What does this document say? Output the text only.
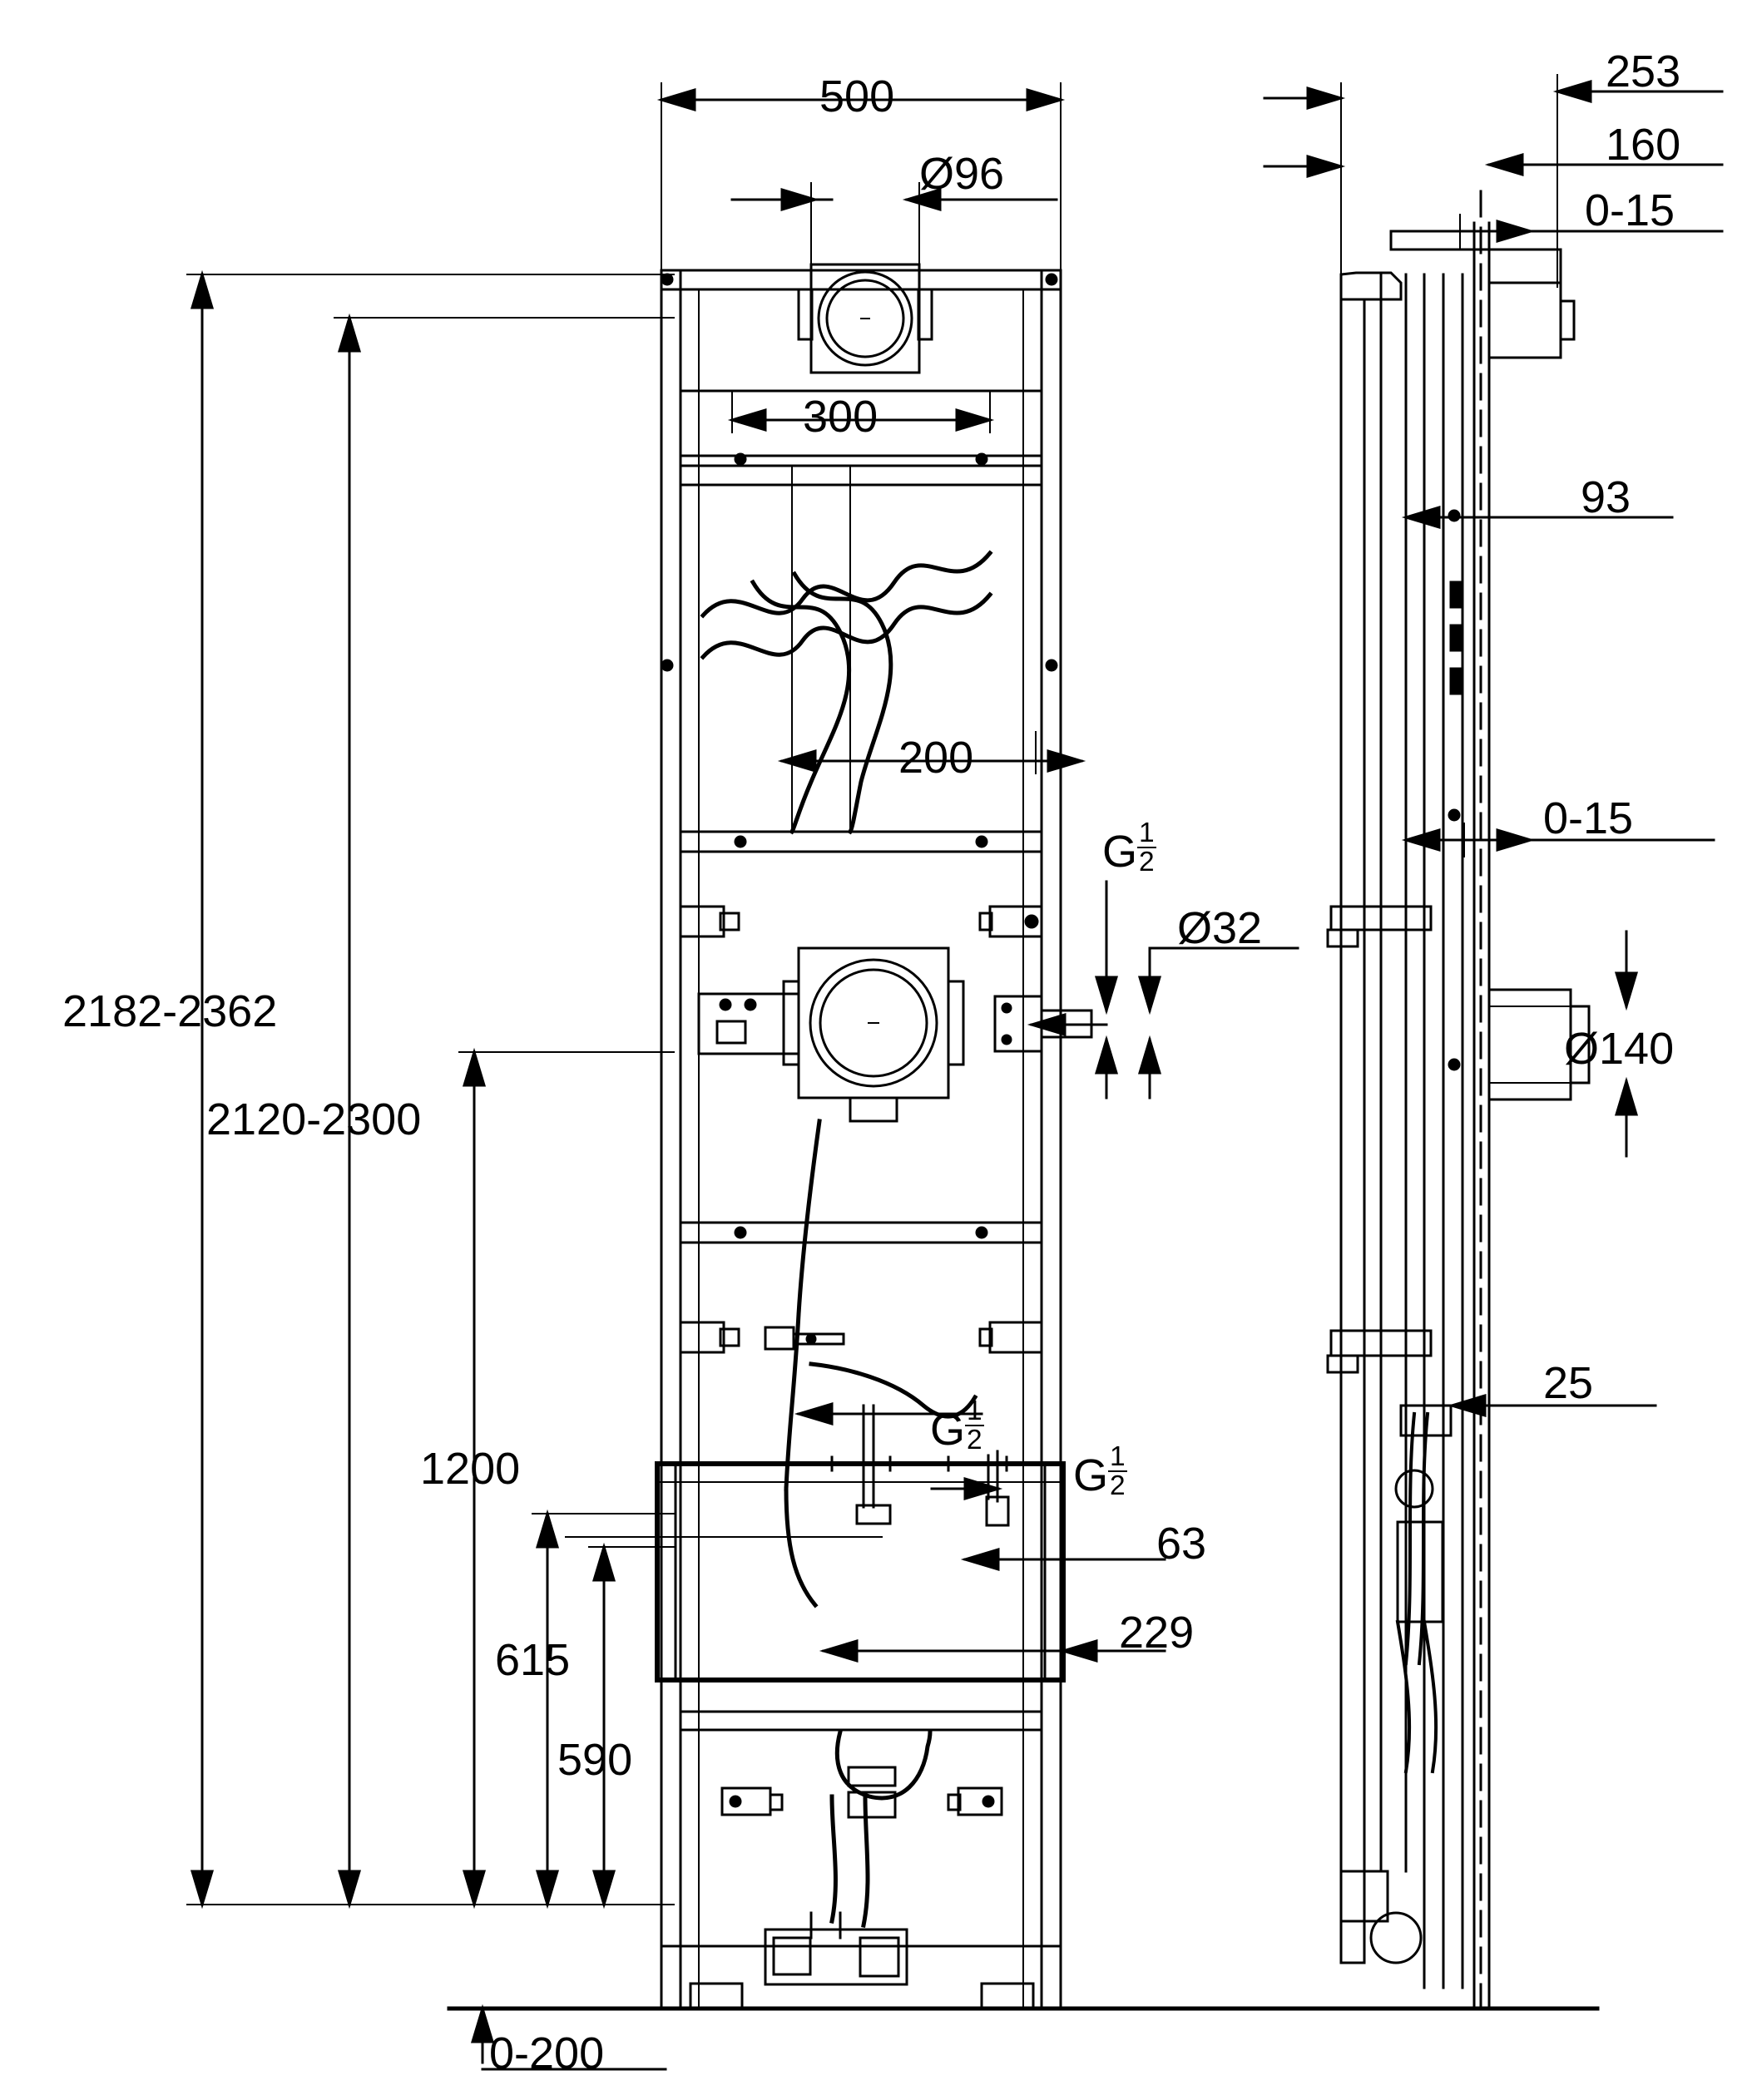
500
Ø96
300
200
2182-2362
2120-2300
1200
615
590
0-200
63
229
Ø32
G $\frac{1}{2}$
G $\frac{1}{2}$
G $\frac{1}{2}$
253
160
0-15
93
0-15
Ø140
25
